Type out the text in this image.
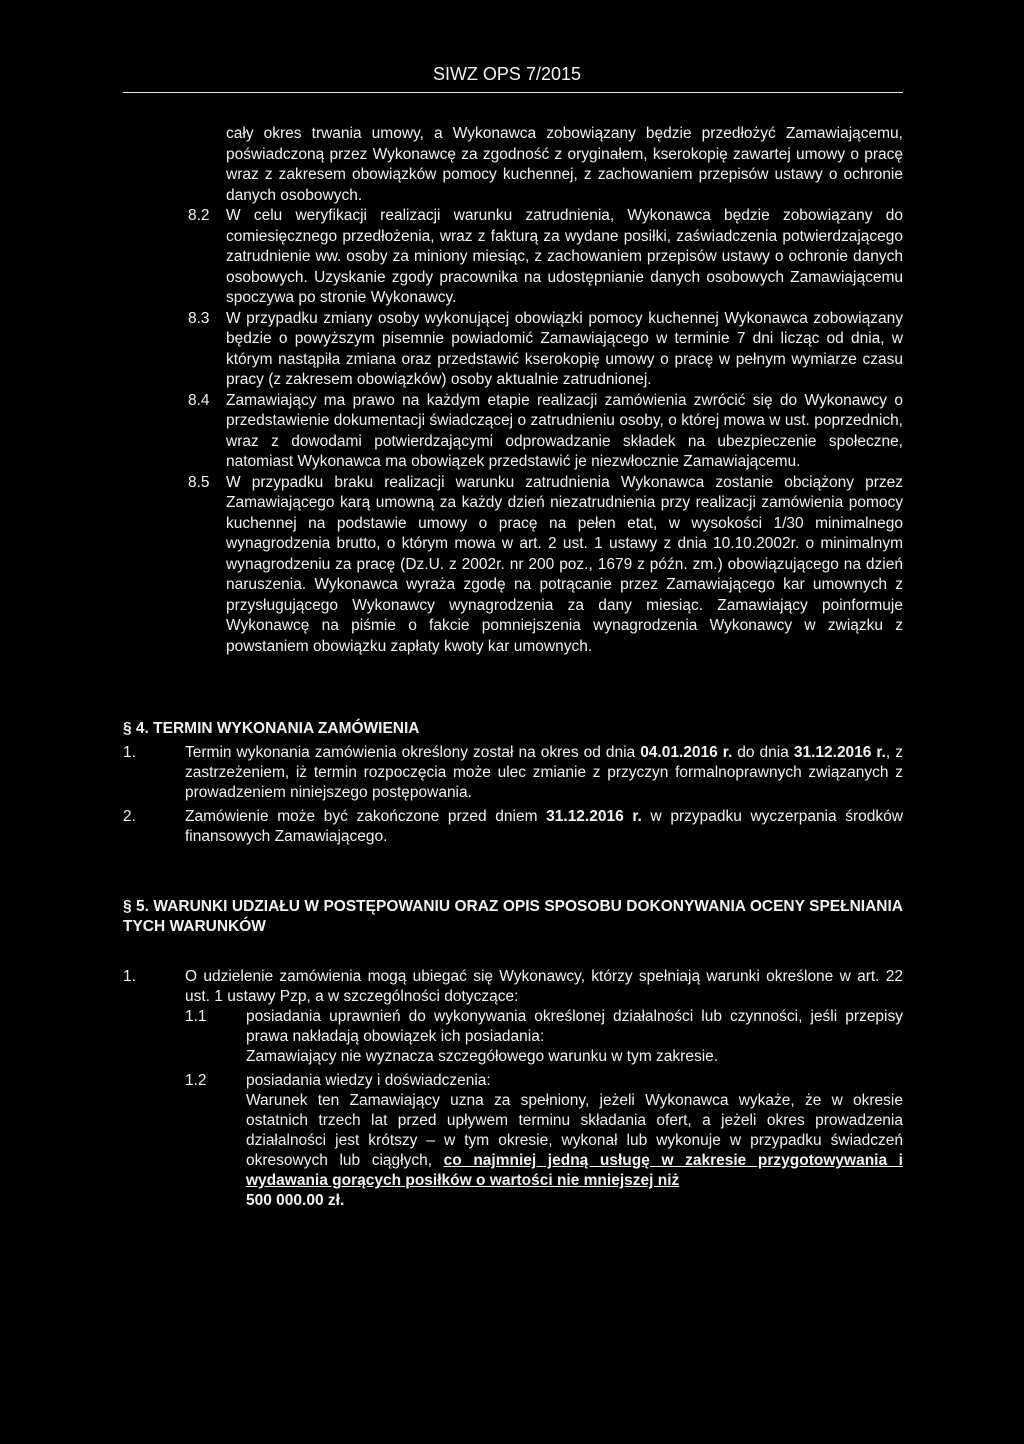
SIWZ OPS 7/2015

cały okres trwania umowy, a Wykonawca zobowiązany będzie przedłożyć Zamawiającemu, poświadczoną przez Wykonawcę za zgodność z oryginałem, kserokopię zawartej umowy o pracę wraz z zakresem obowiązków pomocy kuchennej, z zachowaniem przepisów ustawy o ochronie danych osobowych.

8.2 W celu weryfikacji realizacji warunku zatrudnienia, Wykonawca będzie zobowiązany do comiesięcznego przedłożenia, wraz z fakturą za wydane posiłki, zaświadczenia potwierdzającego zatrudnienie ww. osoby za miniony miesiąc, z zachowaniem przepisów ustawy o ochronie danych osobowych. Uzyskanie zgody pracownika na udostępnianie danych osobowych Zamawiającemu spoczywa po stronie Wykonawcy.

8.3 W przypadku zmiany osoby wykonującej obowiązki pomocy kuchennej Wykonawca zobowiązany będzie o powyższym pisemnie powiadomić Zamawiającego w terminie 7 dni licząc od dnia, w którym nastąpiła zmiana oraz przedstawić kserokopię umowy o pracę w pełnym wymiarze czasu pracy (z zakresem obowiązków) osoby aktualnie zatrudnionej.

8.4 Zamawiający ma prawo na każdym etapie realizacji zamówienia zwrócić się do Wykonawcy o przedstawienie dokumentacji świadczącej o zatrudnieniu osoby, o której mowa w ust. poprzednich, wraz z dowodami potwierdzającymi odprowadzanie składek na ubezpieczenie społeczne, natomiast Wykonawca ma obowiązek przedstawić je niezwłocznie Zamawiającemu.

8.5 W przypadku braku realizacji warunku zatrudnienia Wykonawca zostanie obciążony przez Zamawiającego karą umowną za każdy dzień niezatrudnienia przy realizacji zamówienia pomocy kuchennej na podstawie umowy o pracę na pełen etat, w wysokości 1/30 minimalnego wynagrodzenia brutto, o którym mowa w art. 2 ust. 1 ustawy z dnia 10.10.2002r. o minimalnym wynagrodzeniu za pracę (Dz.U. z 2002r. nr 200 poz., 1679 z późn. zm.) obowiązującego na dzień naruszenia. Wykonawca wyraża zgodę na potrącanie przez Zamawiającego kar umownych z przysługującego Wykonawcy wynagrodzenia za dany miesiąc. Zamawiający poinformuje Wykonawcę na piśmie o fakcie pomniejszenia wynagrodzenia Wykonawcy w związku z powstaniem obowiązku zapłaty kwoty kar umownych.

§ 4. TERMIN WYKONANIA ZAMÓWIENIA
1.	Termin wykonania zamówienia określony został na okres od dnia 04.01.2016 r. do dnia 31.12.2016 r., z zastrzeżeniem, iż termin rozpoczęcia może ulec zmianie z przyczyn formalnoprawnych związanych z prowadzeniem niniejszego postępowania.
2.	Zamówienie może być zakończone przed dniem 31.12.2016 r. w przypadku wyczerpania środków finansowych Zamawiającego.
§ 5. WARUNKI UDZIAŁU W POSTĘPOWANIU ORAZ OPIS SPOSOBU DOKONYWANIA OCENY SPEŁNIANIA TYCH WARUNKÓW
1.	O udzielenie zamówienia mogą ubiegać się Wykonawcy, którzy spełniają warunki określone w art. 22 ust. 1 ustawy Pzp, a w szczególności dotyczące:
1.1	posiadania uprawnień do wykonywania określonej działalności lub czynności, jeśli przepisy prawa nakładają obowiązek ich posiadania:
Zamawiający nie wyznacza szczegółowego warunku w tym zakresie.
1.2	posiadania wiedzy i doświadczenia:
Warunek ten Zamawiający uzna za spełniony, jeżeli Wykonawca wykaże, że w okresie ostatnich trzech lat przed upływem terminu składania ofert, a jeżeli okres prowadzenia działalności jest krótszy – w tym okresie, wykonał lub wykonuje w przypadku świadczeń okresowych lub ciągłych, co najmniej jedną usługę w zakresie przygotowywania i wydawania gorących posiłków o wartości nie mniejszej niż
500 000.00 zł.
